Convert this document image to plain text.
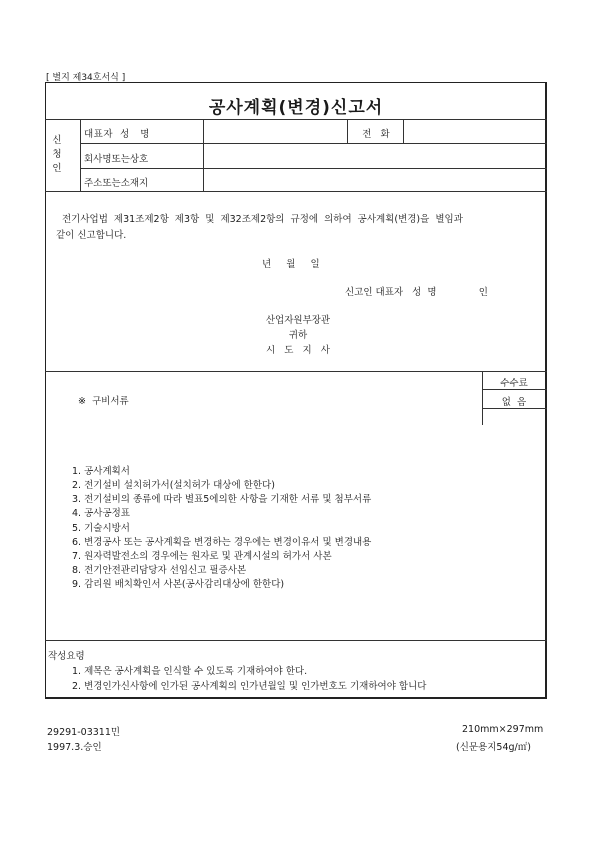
[ 별지 제34호서식 ]
공사계획(변경)신고서
신
청
인
대표자  성   명	전   화
회사명또는상호
주소또는소재지
전기사업법  제31조제2항  제3항  및  제32조제2항의  규정에  의하여  공사계획(변경)을  별임과
같이 신고합니다.
년     월     일
신고인 대표자   성  명              인
산업자원부장관
귀하
시   도   지   사
수수료
없  음
※  구비서류
1. 공사계획서
2. 전기설비 설치허가서(설치허가 대상에 한한다)
3. 전기설비의 종류에 따라 별표5에의한 사항을 기재한 서류 및 첨부서류
4. 공사공정표
5. 기술시방서
6. 변경공사 또는 공사계획을 변경하는 경우에는 변경이유서 및 변경내용
7. 원자력발전소의 경우에는 원자로 및 관계시설의 허가서 사본
8. 전기안전관리담당자 선임신고 필증사본
9. 감리원 배치확인서 사본(공사감리대상에 한한다)
작성요령
1. 제목은 공사계획을 인식할 수 있도록 기재하여야 한다.
2. 변경인가신사항에 인가된 공사계획의 인가년월일 및 인가번호도 기재하여야 합니다
29291-03311민
1997.3.승인
210mm×297mm
(신문용지54g/㎡)
